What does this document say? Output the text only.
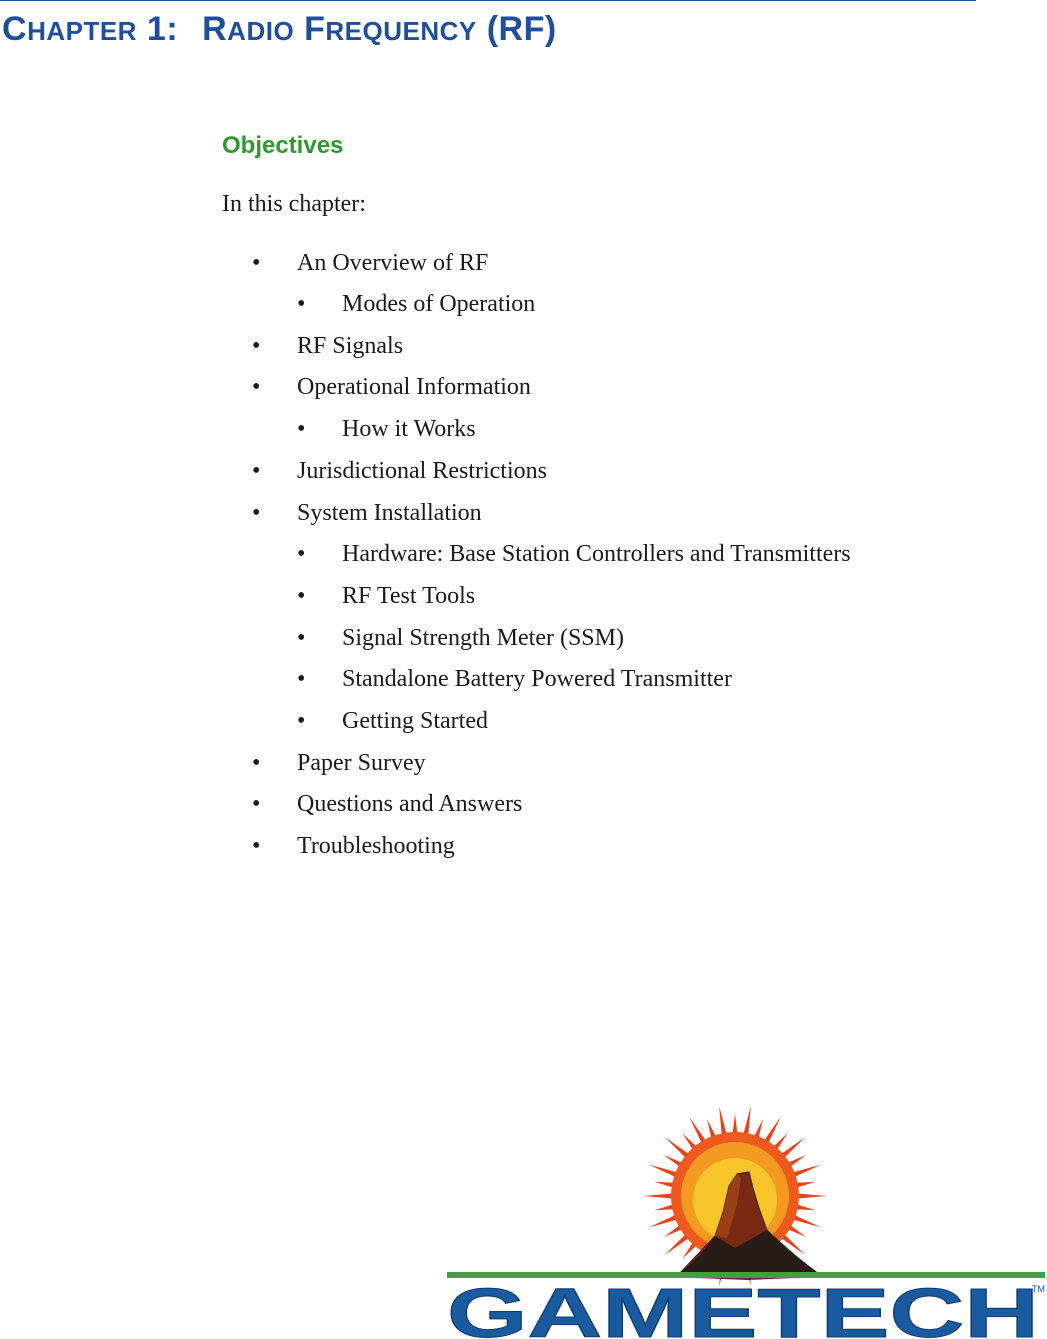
CHAPTER 1: RADIO FREQUENCY (RF)
Objectives
In this chapter:
• An Overview of RF
• Modes of Operation
• RF Signals
• Operational Information
• How it Works
• Jurisdictional Restrictions
• System Installation
• Hardware: Base Station Controllers and Transmitters
• RF Test Tools
• Signal Strength Meter (SSM)
• Standalone Battery Powered Transmitter
• Getting Started
• Paper Survey
• Questions and Answers
• Troubleshooting
GAMETECH
TM
